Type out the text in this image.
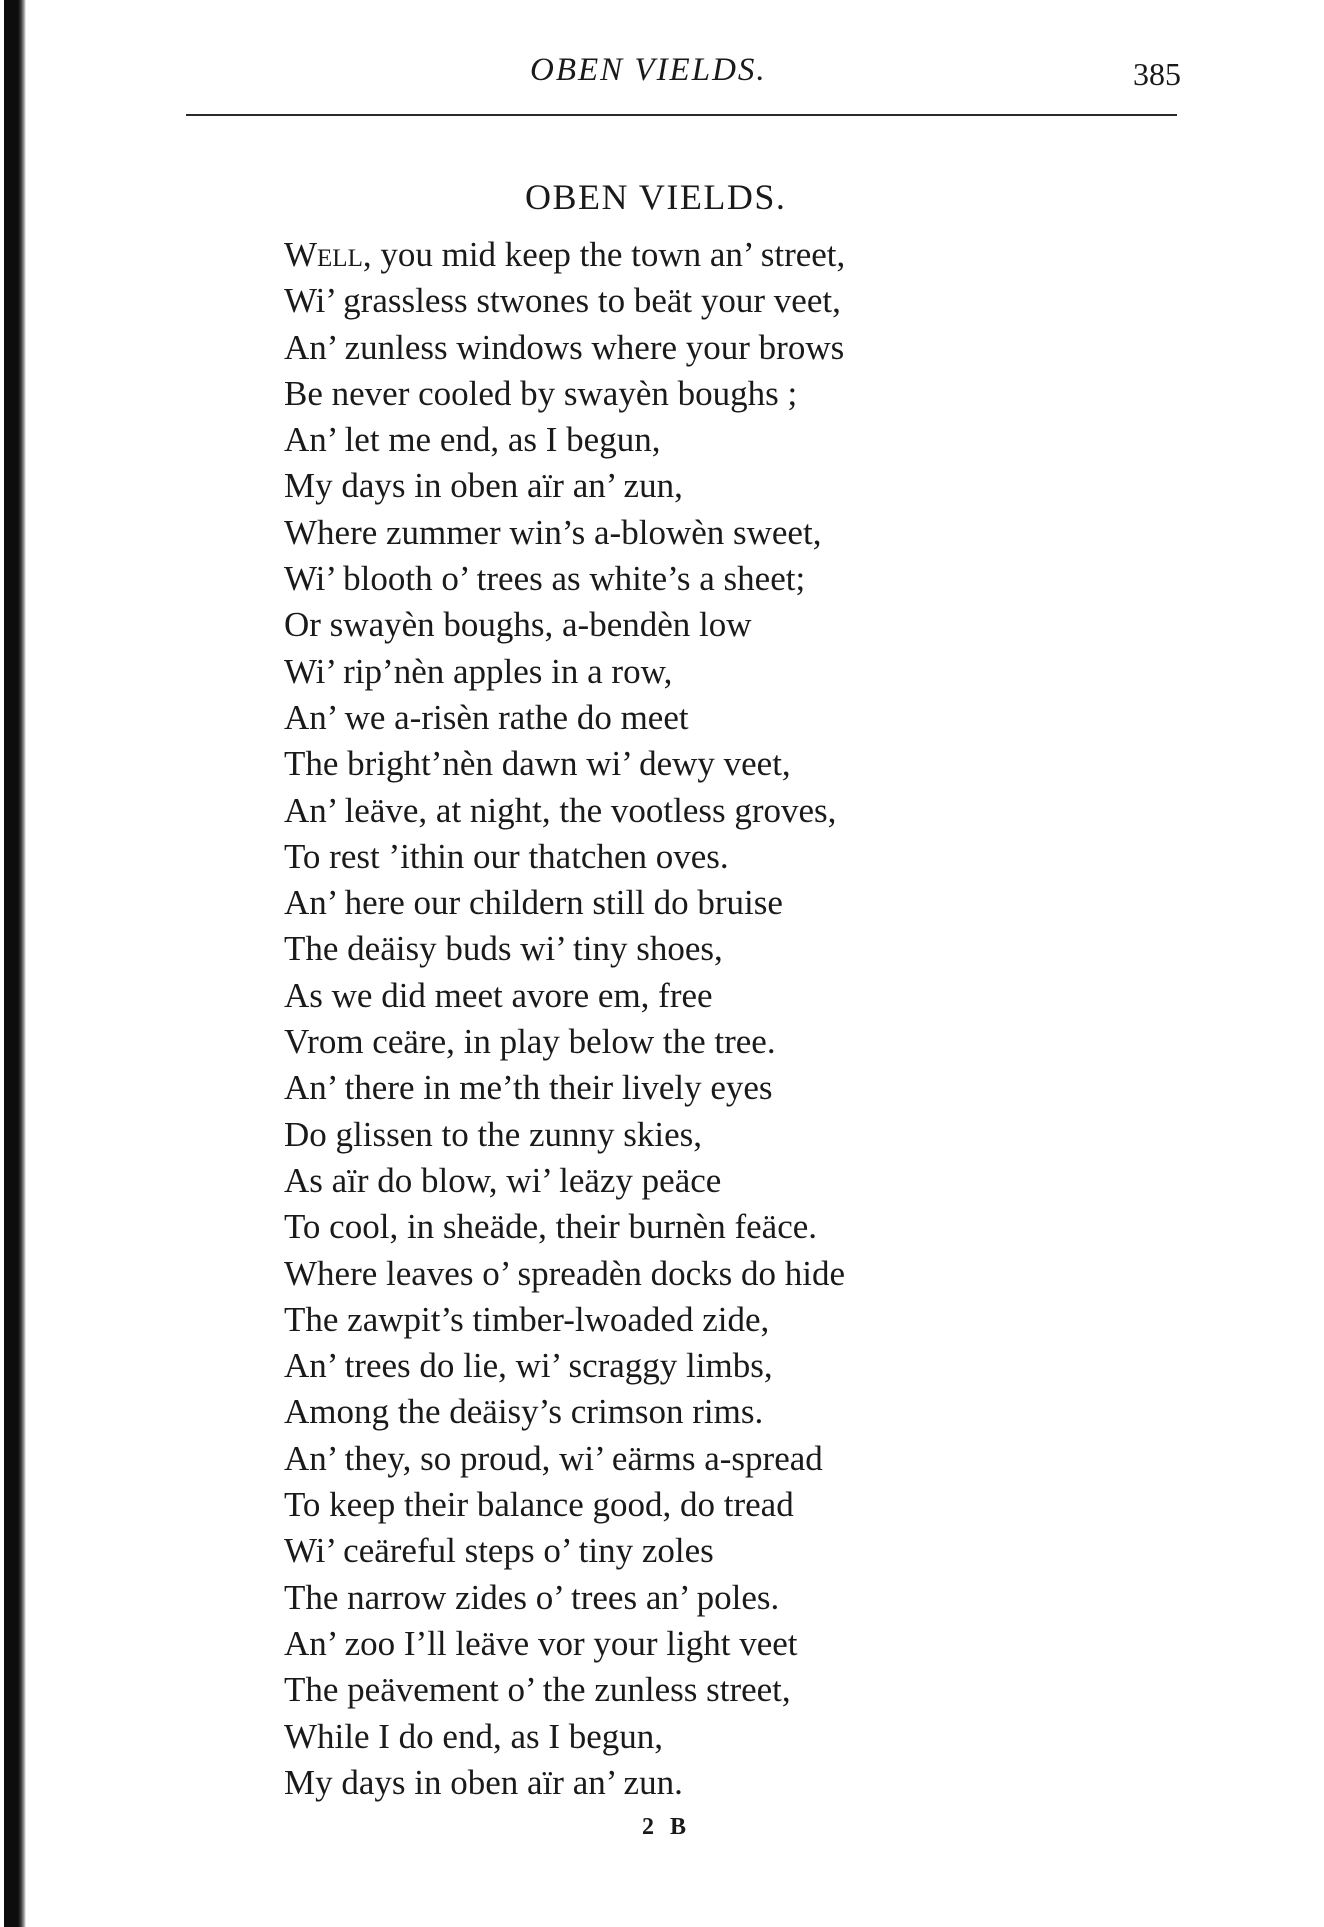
OBEN VIELDS.	385
OBEN VIELDS.
Well, you mid keep the town an’ street,
Wi’ grassless stwones to beät your veet,
An’ zunless windows where your brows
Be never cooled by swayèn boughs ;
An’ let me end, as I begun,
My days in oben aïr an’ zun,
Where zummer win’s a-blowèn sweet,
Wi’ blooth o’ trees as white’s a sheet;
Or swayèn boughs, a-bendèn low
Wi’ rip’nèn apples in a row,
An’ we a-risèn rathe do meet
The bright’nèn dawn wi’ dewy veet,
An’ leäve, at night, the vootless groves,
To rest ’ithin our thatchen oves.
An’ here our childern still do bruise
The deäisy buds wi’ tiny shoes,
As we did meet avore em, free
Vrom ceäre, in play below the tree.
An’ there in me’th their lively eyes
Do glissen to the zunny skies,
As aïr do blow, wi’ leäzy peäce
To cool, in sheäde, their burnèn feäce.
Where leaves o’ spreadèn docks do hide
The zawpit’s timber-lwoaded zide,
An’ trees do lie, wi’ scraggy limbs,
Among the deäisy’s crimson rims.
An’ they, so proud, wi’ eärms a-spread
To keep their balance good, do tread
Wi’ ceäreful steps o’ tiny zoles
The narrow zides o’ trees an’ poles.
An’ zoo I’ll leäve vor your light veet
The peävement o’ the zunless street,
While I do end, as I begun,
My days in oben aïr an’ zun.
2 B
